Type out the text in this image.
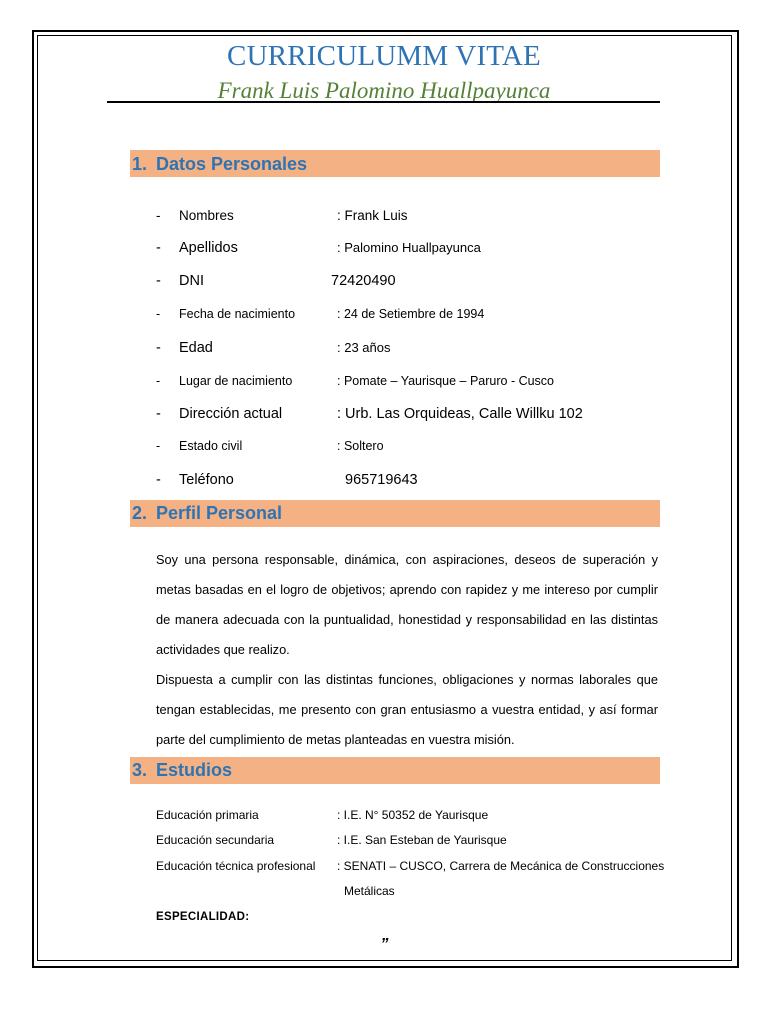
CURRICULUMM VITAE
Frank Luis Palomino Huallpayunca
1. Datos Personales
- Nombres	: Frank Luis
- Apellidos	: Palomino Huallpayunca
- DNI	72420490
- Fecha de nacimiento	: 24 de Setiembre de 1994
- Edad	: 23 años
- Lugar de nacimiento	: Pomate – Yaurisque – Paruro - Cusco
- Dirección actual	: Urb. Las Orquideas, Calle Willku 102
- Estado civil	: Soltero
- Teléfono	965719643
2. Perfil Personal

Soy una persona responsable, dinámica, con aspiraciones, deseos de superación y metas basadas en el logro de objetivos; aprendo con rapidez y me intereso por cumplir de manera adecuada con la puntualidad, honestidad y responsabilidad en las distintas actividades que realizo.

Dispuesta a cumplir con las distintas funciones, obligaciones y normas laborales que tengan establecidas, me presento con gran entusiasmo a vuestra entidad, y así formar parte del cumplimiento de metas planteadas en vuestra misión.

3. Estudios
Educación primaria	: I.E. N° 50352 de Yaurisque
Educación secundaria	: I.E. San Esteban de Yaurisque
Educación técnica profesional : SENATI – CUSCO, Carrera de Mecánica de Construcciones
Metálicas
ESPECIALIDAD:
„
